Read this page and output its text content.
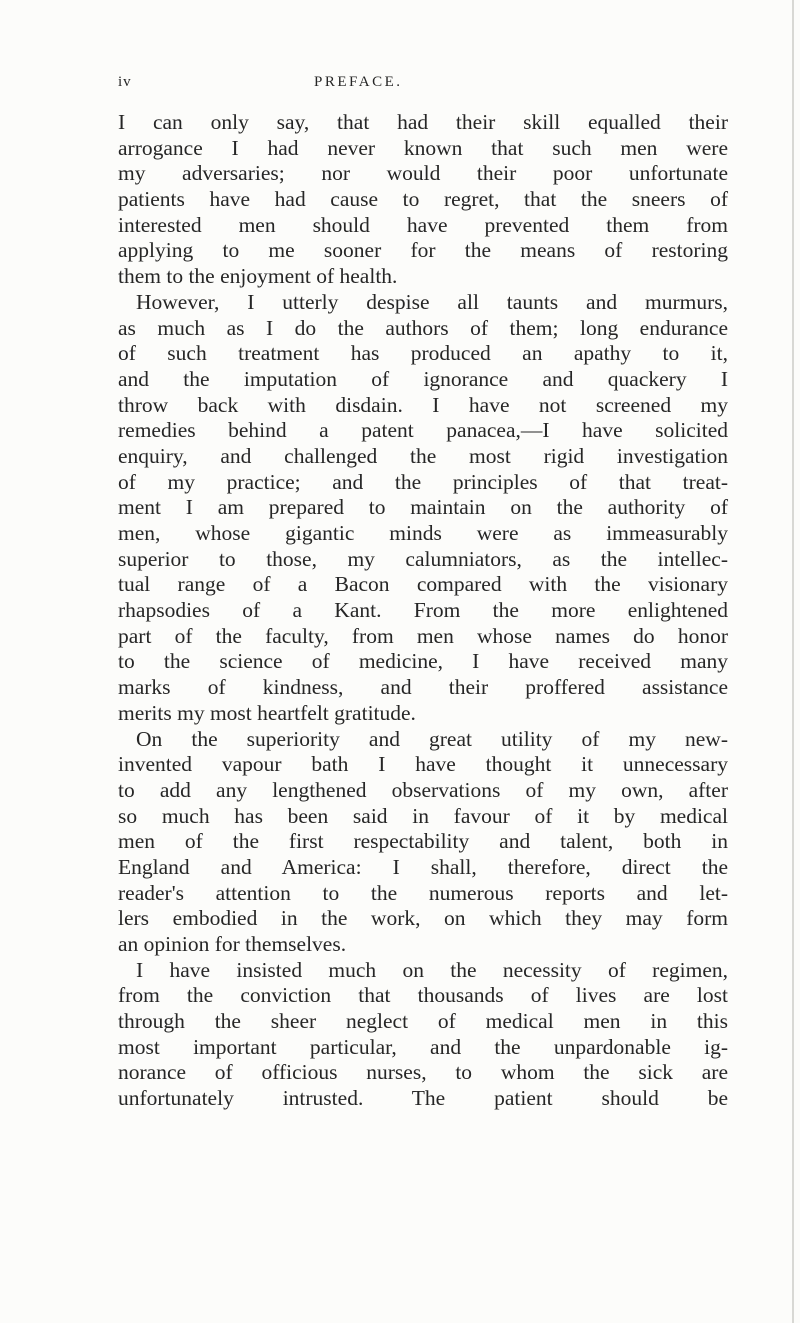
iv	PREFACE.
I can only say, that had their skill equalled their
arrogance I had never known that such men were
my adversaries; nor would their poor unfortunate
patients have had cause to regret, that the sneers of
interested men should have prevented them from
applying to me sooner for the means of restoring
them to the enjoyment of health.
However, I utterly despise all taunts and murmurs,
as much as I do the authors of them; long endurance
of such treatment has produced an apathy to it,
and the imputation of ignorance and quackery I
throw back with disdain. I have not screened my
remedies behind a patent panacea,—I have solicited
enquiry, and challenged the most rigid investigation
of my practice; and the principles of that treat-
ment I am prepared to maintain on the authority of
men, whose gigantic minds were as immeasurably
superior to those, my calumniators, as the intellec-
tual range of a Bacon compared with the visionary
rhapsodies of a Kant. From the more enlightened
part of the faculty, from men whose names do honor
to the science of medicine, I have received many
marks of kindness, and their proffered assistance
merits my most heartfelt gratitude.
On the superiority and great utility of my new-
invented vapour bath I have thought it unnecessary
to add any lengthened observations of my own, after
so much has been said in favour of it by medical
men of the first respectability and talent, both in
England and America: I shall, therefore, direct the
reader's attention to the numerous reports and let-
lers embodied in the work, on which they may form
an opinion for themselves.
I have insisted much on the necessity of regimen,
from the conviction that thousands of lives are lost
through the sheer neglect of medical men in this
most important particular, and the unpardonable ig-
norance of officious nurses, to whom the sick are
unfortunately intrusted. The patient should be
